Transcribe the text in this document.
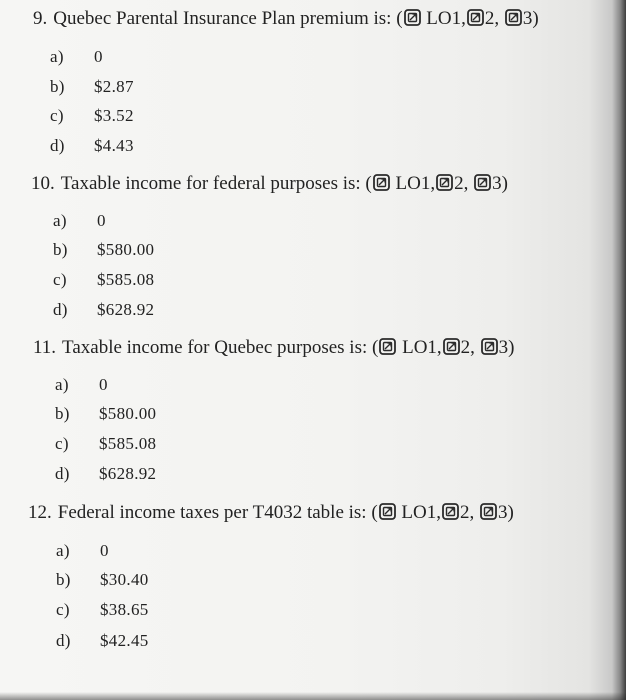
9. Quebec Parental Insurance Plan premium is: ( LO1, 2, 3)
a) 0
b) $2.87
c) $3.52
d) $4.43
10. Taxable income for federal purposes is: ( LO1, 2, 3)
a) 0
b) $580.00
c) $585.08
d) $628.92
11. Taxable income for Quebec purposes is: ( LO1, 2, 3)
a) 0
b) $580.00
c) $585.08
d) $628.92
12. Federal income taxes per T4032 table is: ( LO1, 2, 3)
a) 0
b) $30.40
c) $38.65
d) $42.45
